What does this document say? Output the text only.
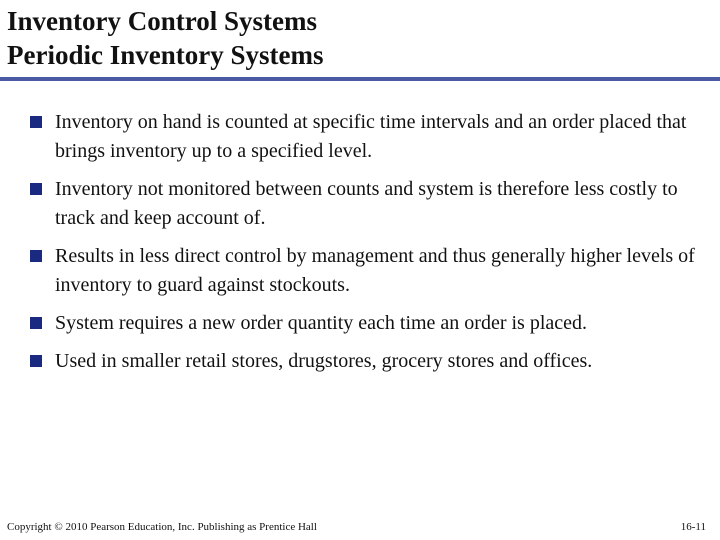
Inventory Control Systems
Periodic Inventory Systems
Inventory on hand is counted at specific time intervals and an order placed that brings inventory up to a specified level.
Inventory not monitored between counts and system is therefore less costly to track and keep account of.
Results in less direct control by management and thus generally higher levels of inventory to guard against stockouts.
System requires a new order quantity each time an order is placed.
Used in smaller retail stores, drugstores, grocery stores and offices.
Copyright © 2010 Pearson Education, Inc. Publishing as Prentice Hall	16-11
